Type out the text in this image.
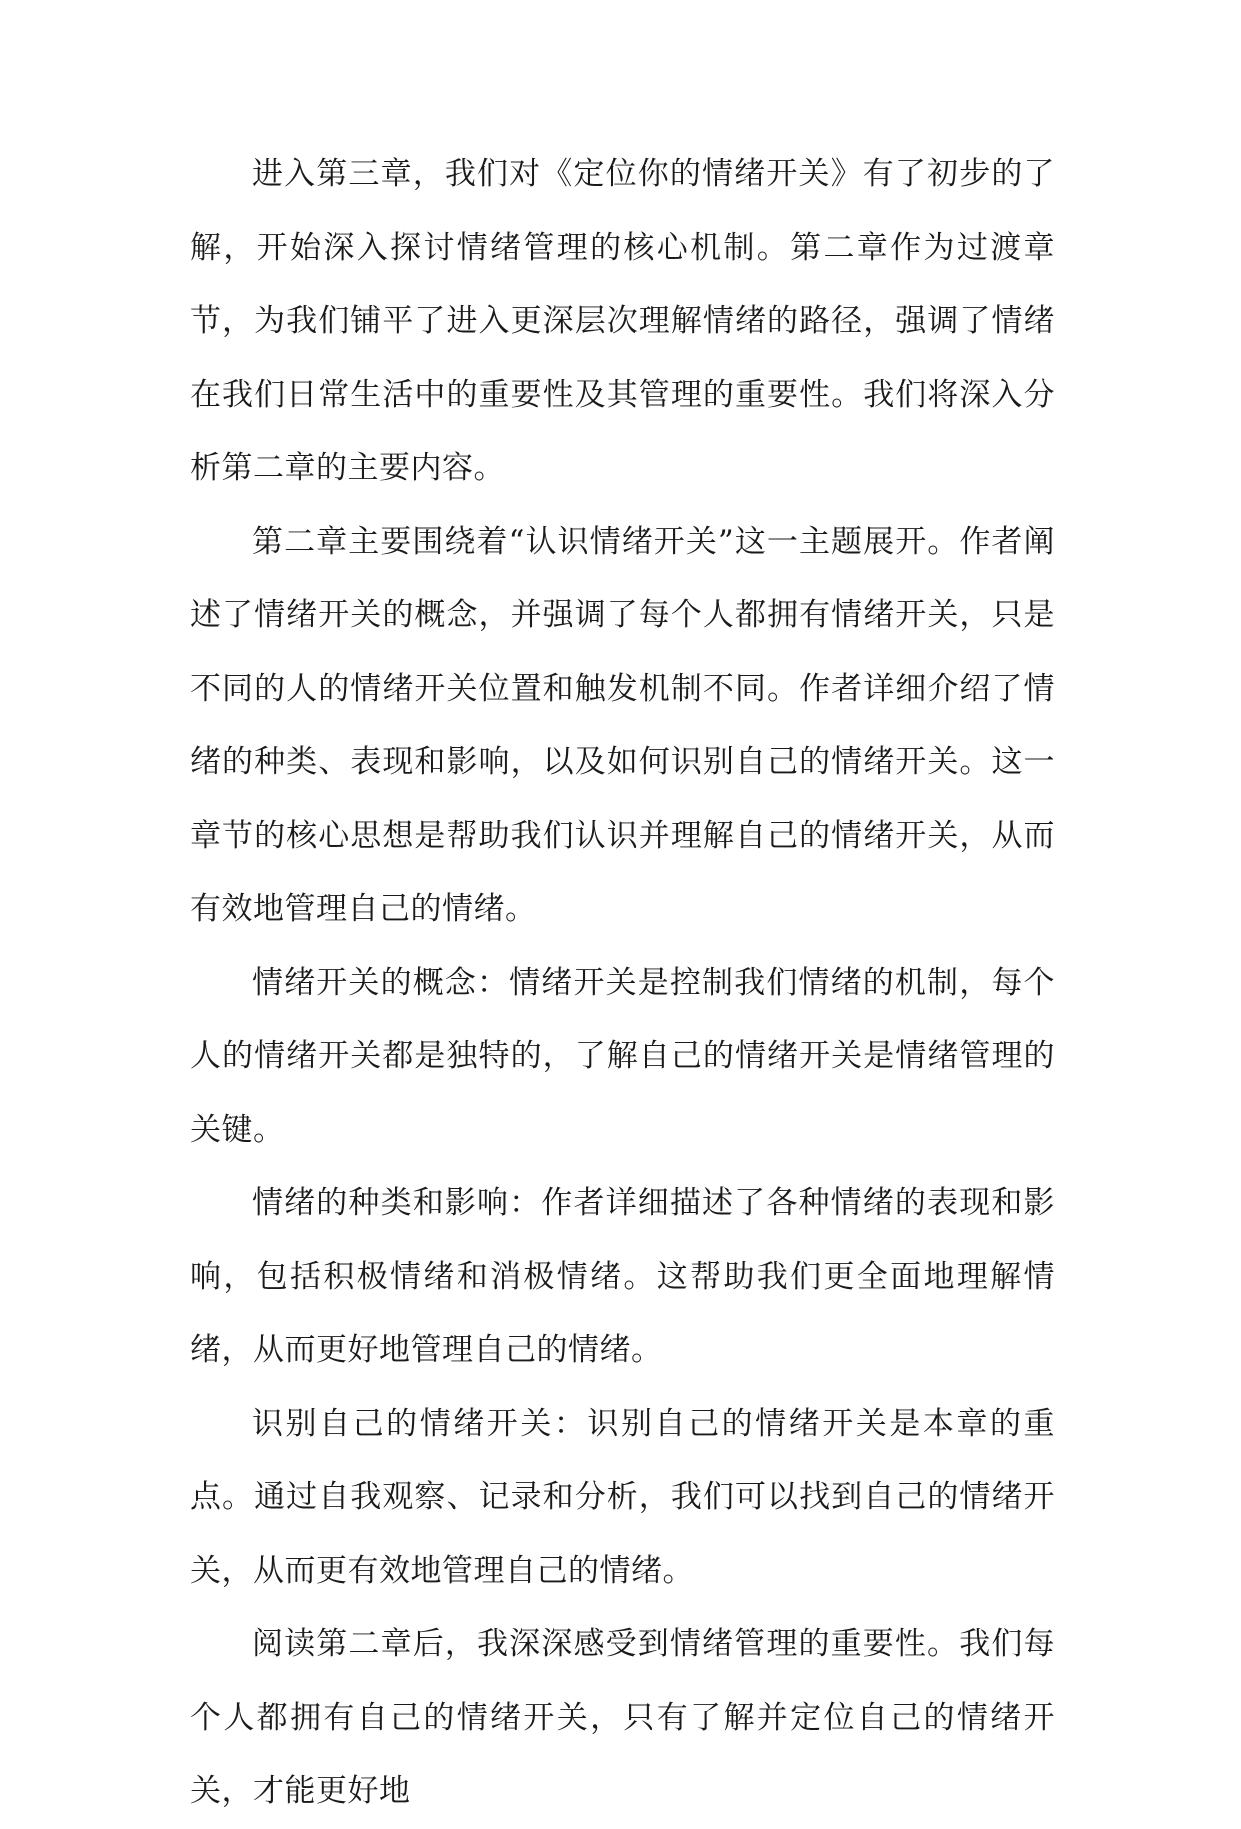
进入第三章，我们对《定位你的情绪开关》有了初步的了解，开始深入探讨情绪管理的核心机制。第二章作为过渡章节，为我们铺平了进入更深层次理解情绪的路径，强调了情绪在我们日常生活中的重要性及其管理的重要性。我们将深入分析第二章的主要内容。

第二章主要围绕着“认识情绪开关”这一主题展开。作者阐述了情绪开关的概念，并强调了每个人都拥有情绪开关，只是不同的人的情绪开关位置和触发机制不同。作者详细介绍了情绪的种类、表现和影响，以及如何识别自己的情绪开关。这一章节的核心思想是帮助我们认识并理解自己的情绪开关，从而有效地管理自己的情绪。

情绪开关的概念：情绪开关是控制我们情绪的机制，每个人的情绪开关都是独特的，了解自己的情绪开关是情绪管理的关键。

情绪的种类和影响：作者详细描述了各种情绪的表现和影响，包括积极情绪和消极情绪。这帮助我们更全面地理解情绪，从而更好地管理自己的情绪。

识别自己的情绪开关：识别自己的情绪开关是本章的重点。通过自我观察、记录和分析，我们可以找到自己的情绪开关，从而更有效地管理自己的情绪。

阅读第二章后，我深深感受到情绪管理的重要性。我们每个人都拥有自己的情绪开关，只有了解并定位自己的情绪开关，才能更好地
